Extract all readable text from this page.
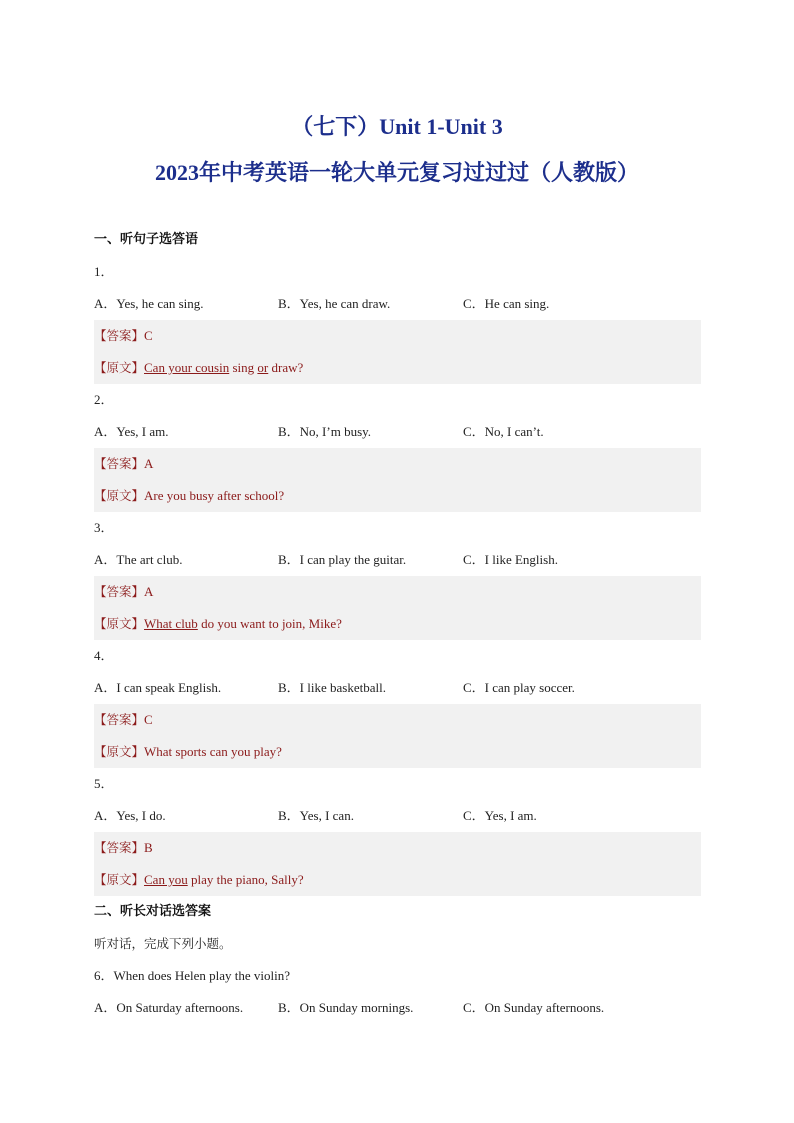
（七下）Unit 1-Unit 3
2023年中考英语一轮大单元复习过过过（人教版）
一、听句子选答语
1．
A．Yes, he can sing.	B．Yes, he can draw.	C．He can sing.
【答案】C
【原文】Can your cousin sing or draw?
2．
A．Yes, I am.	B．No, I’m busy.	C．No, I can’t.
【答案】A
【原文】Are you busy after school?
3．
A．The art club.	B．I can play the guitar.	C．I like English.
【答案】A
【原文】What club do you want to join, Mike?
4．
A．I can speak English.	B．I like basketball.	C．I can play soccer.
【答案】C
【原文】What sports can you play?
5．
A．Yes, I do.	B．Yes, I can.	C．Yes, I am.
【答案】B
【原文】Can you play the piano, Sally?
二、听长对话选答案
听对话，完成下列小题。
6．When does Helen play the violin?
A．On Saturday afternoons.	B．On Sunday mornings.	C．On Sunday afternoons.
